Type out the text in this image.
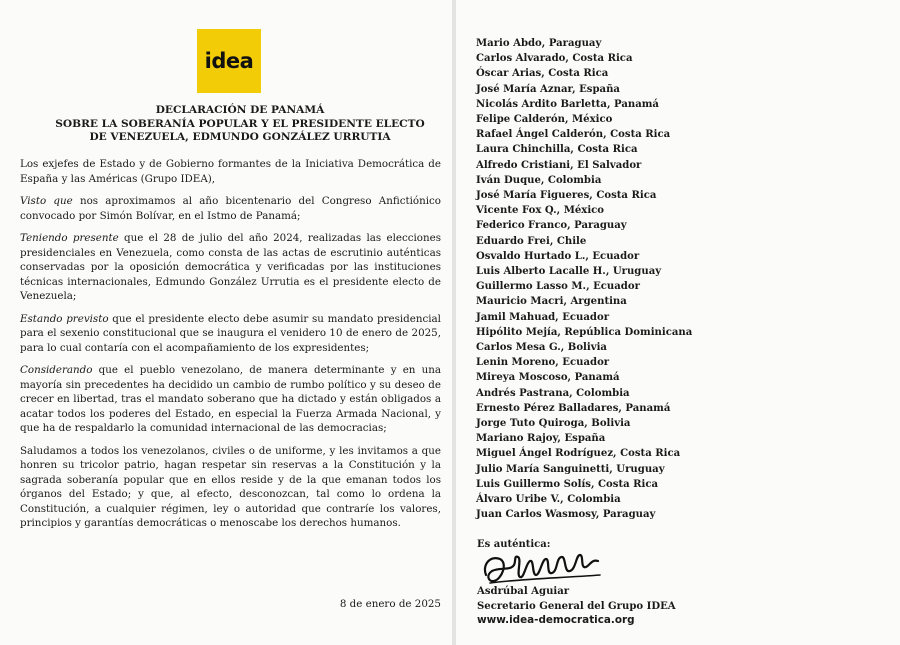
idea
DECLARACIÓN DE PANAMÁ
SOBRE LA SOBERANÍA POPULAR Y EL PRESIDENTE ELECTO
DE VENEZUELA, EDMUNDO GONZÁLEZ URRUTIA

Los exjefes de Estado y de Gobierno formantes de la Iniciativa Democrática de España y las Américas (Grupo IDEA),

Visto que nos aproximamos al año bicentenario del Congreso Anfictiónico convocado por Simón Bolívar, en el Istmo de Panamá;

Teniendo presente que el 28 de julio del año 2024, realizadas las elecciones presidenciales en Venezuela, como consta de las actas de escrutinio auténticas conservadas por la oposición democrática y verificadas por las instituciones técnicas internacionales, Edmundo González Urrutia es el presidente electo de Venezuela;

Estando previsto que el presidente electo debe asumir su mandato presidencial para el sexenio constitucional que se inaugura el venidero 10 de enero de 2025, para lo cual contaría con el acompañamiento de los expresidentes;

Considerando que el pueblo venezolano, de manera determinante y en una mayoría sin precedentes ha decidido un cambio de rumbo político y su deseo de crecer en libertad, tras el mandato soberano que ha dictado y están obligados a acatar todos los poderes del Estado, en especial la Fuerza Armada Nacional, y que ha de respaldarlo la comunidad internacional de las democracias;

Saludamos a todos los venezolanos, civiles o de uniforme, y les invitamos a que honren su tricolor patrio, hagan respetar sin reservas a la Constitución y la sagrada soberanía popular que en ellos reside y de la que emanan todos los órganos del Estado; y que, al efecto, desconozcan, tal como lo ordena la Constitución, a cualquier régimen, ley o autoridad que contraríe los valores, principios y garantías democráticas o menoscabe los derechos humanos.

8 de enero de 2025
Mario Abdo, Paraguay
Carlos Alvarado, Costa Rica
Óscar Arias, Costa Rica
José María Aznar, España
Nicolás Ardito Barletta, Panamá
Felipe Calderón, México
Rafael Ángel Calderón, Costa Rica
Laura Chinchilla, Costa Rica
Alfredo Cristiani, El Salvador
Iván Duque, Colombia
José María Figueres, Costa Rica
Vicente Fox Q., México
Federico Franco, Paraguay
Eduardo Frei, Chile
Osvaldo Hurtado L., Ecuador
Luis Alberto Lacalle H., Uruguay
Guillermo Lasso M., Ecuador
Mauricio Macri, Argentina
Jamil Mahuad, Ecuador
Hipólito Mejía, República Dominicana
Carlos Mesa G., Bolivia
Lenin Moreno, Ecuador
Mireya Moscoso, Panamá
Andrés Pastrana, Colombia
Ernesto Pérez Balladares, Panamá
Jorge Tuto Quiroga, Bolivia
Mariano Rajoy, España
Miguel Ángel Rodríguez, Costa Rica
Julio María Sanguinetti, Uruguay
Luis Guillermo Solís, Costa Rica
Álvaro Uribe V., Colombia
Juan Carlos Wasmosy, Paraguay
Es auténtica:
Asdrúbal Aguiar
Secretario General del Grupo IDEA
www.idea-democratica.org
